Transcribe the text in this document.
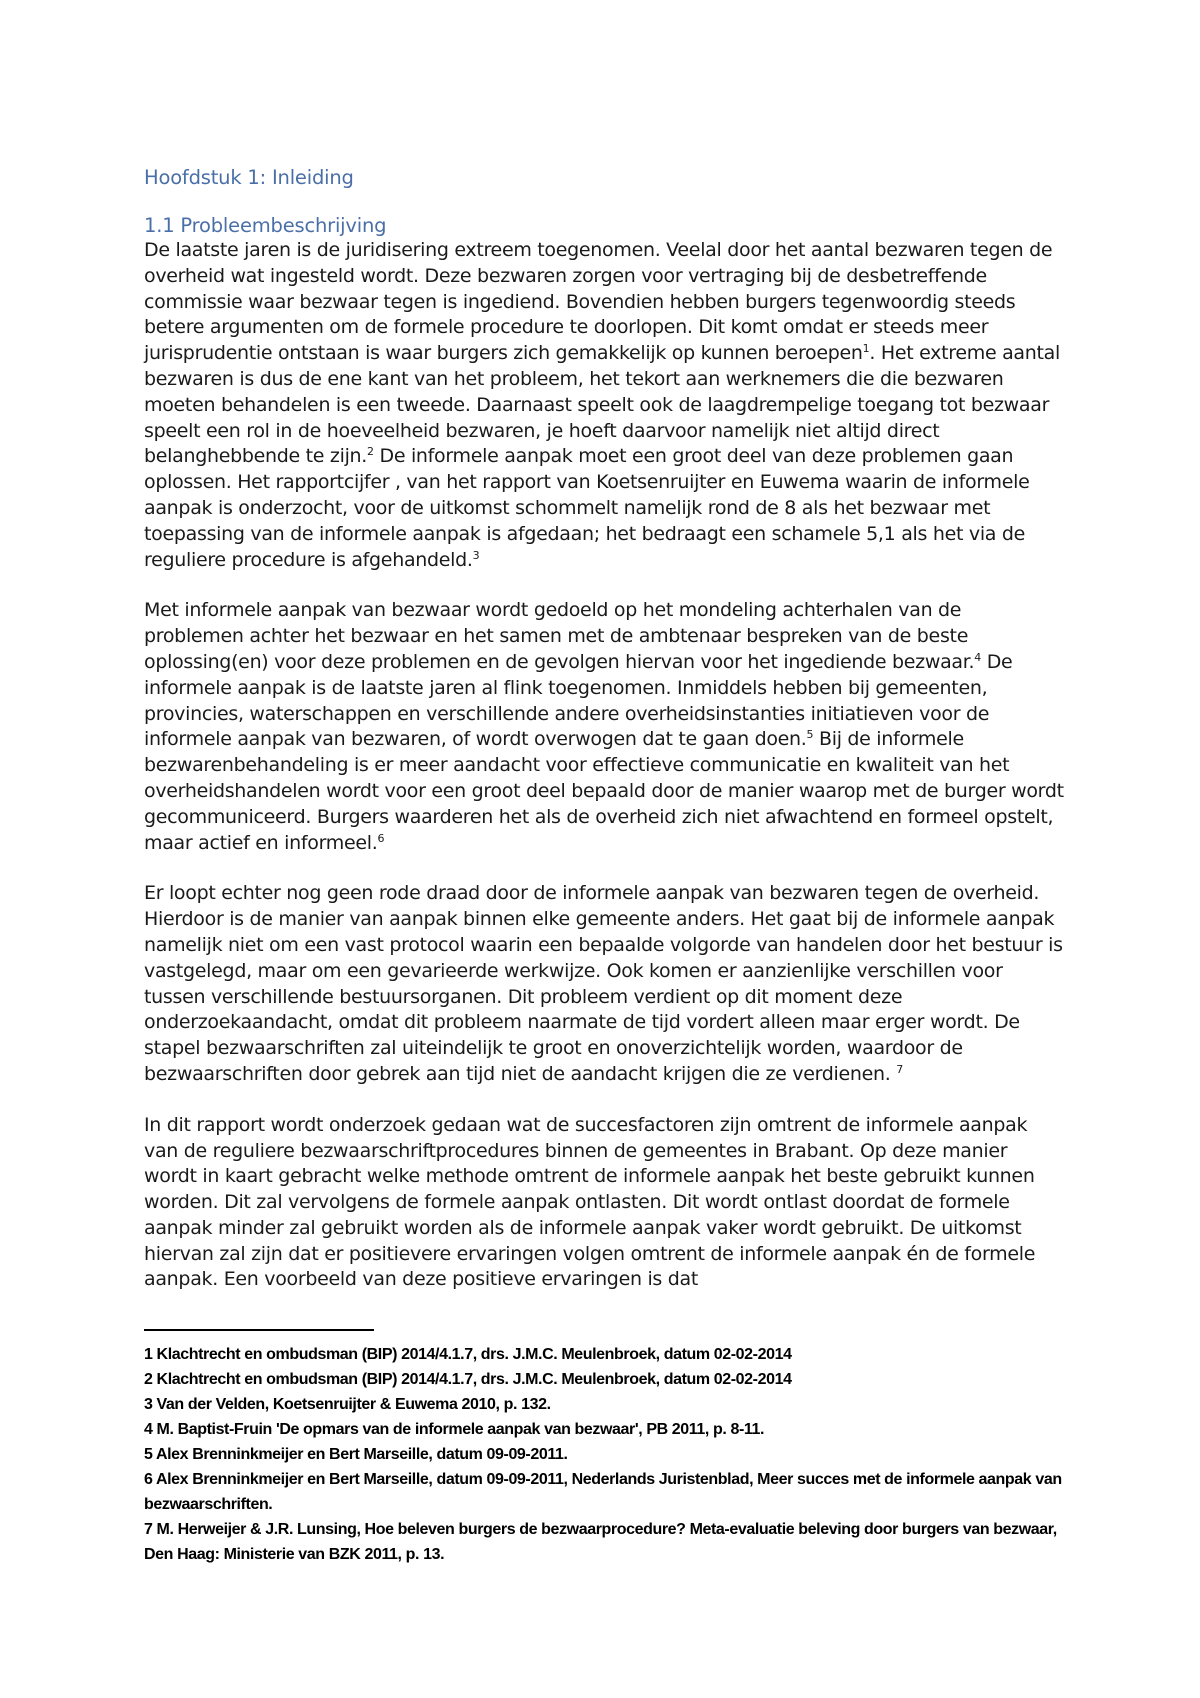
Hoofdstuk 1: Inleiding
1.1 Probleembeschrijving

De laatste jaren is de juridisering extreem toegenomen. Veelal door het aantal bezwaren tegen de overheid wat ingesteld wordt. Deze bezwaren zorgen voor vertraging bij de desbetreffende commissie waar bezwaar tegen is ingediend. Bovendien hebben burgers tegenwoordig steeds betere argumenten om de formele procedure te doorlopen. Dit komt omdat er steeds meer jurisprudentie ontstaan is waar burgers zich gemakkelijk op kunnen beroepen$^1$. Het extreme aantal bezwaren is dus de ene kant van het probleem, het tekort aan werknemers die die bezwaren moeten behandelen is een tweede. Daarnaast speelt ook de laagdrempelige toegang tot bezwaar speelt een rol in de hoeveelheid bezwaren, je hoeft daarvoor namelijk niet altijd direct belanghebbende te zijn.$^2$ De informele aanpak moet een groot deel van deze problemen gaan oplossen. Het rapportcijfer , van het rapport van Koetsenruijter en Euwema waarin de informele aanpak is onderzocht, voor de uitkomst schommelt namelijk rond de 8 als het bezwaar met toepassing van de informele aanpak is afgedaan; het bedraagt een schamele 5,1 als het via de reguliere procedure is afgehandeld.$^3$

Met informele aanpak van bezwaar wordt gedoeld op het mondeling achterhalen van de problemen achter het bezwaar en het samen met de ambtenaar bespreken van de beste oplossing(en) voor deze problemen en de gevolgen hiervan voor het ingediende bezwaar.$^4$ De informele aanpak is de laatste jaren al flink toegenomen. Inmiddels hebben bij gemeenten, provincies, waterschappen en verschillende andere overheidsinstanties initiatieven voor de informele aanpak van bezwaren, of wordt overwogen dat te gaan doen.$^5$ Bij de informele bezwarenbehandeling is er meer aandacht voor effectieve communicatie en kwaliteit van het overheidshandelen wordt voor een groot deel bepaald door de manier waarop met de burger wordt gecommuniceerd. Burgers waarderen het als de overheid zich niet afwachtend en formeel opstelt, maar actief en informeel.$^6$

Er loopt echter nog geen rode draad door de informele aanpak van bezwaren tegen de overheid. Hierdoor is de manier van aanpak binnen elke gemeente anders. Het gaat bij de informele aanpak namelijk niet om een vast protocol waarin een bepaalde volgorde van handelen door het bestuur is vastgelegd, maar om een gevarieerde werkwijze. Ook komen er aanzienlijke verschillen voor tussen verschillende bestuursorganen. Dit probleem verdient op dit moment deze onderzoekaandacht, omdat dit probleem naarmate de tijd vordert alleen maar erger wordt. De stapel bezwaarschriften zal uiteindelijk te groot en onoverzichtelijk worden, waardoor de bezwaarschriften door gebrek aan tijd niet de aandacht krijgen die ze verdienen. $^7$

In dit rapport wordt onderzoek gedaan wat de succesfactoren zijn omtrent de informele aanpak van de reguliere bezwaarschriftprocedures binnen de gemeentes in Brabant. Op deze manier wordt in kaart gebracht welke methode omtrent de informele aanpak het beste gebruikt kunnen worden. Dit zal vervolgens de formele aanpak ontlasten. Dit wordt ontlast doordat de formele aanpak minder zal gebruikt worden als de informele aanpak vaker wordt gebruikt. De uitkomst hiervan zal zijn dat er positievere ervaringen volgen omtrent de informele aanpak én de formele aanpak. Een voorbeeld van deze positieve ervaringen is dat

1 Klachtrecht en ombudsman (BIP) 2014/4.1.7, drs. J.M.C. Meulenbroek, datum 02-02-2014

2 Klachtrecht en ombudsman (BIP) 2014/4.1.7, drs. J.M.C. Meulenbroek, datum 02-02-2014

3 Van der Velden, Koetsenruijter & Euwema 2010, p. 132.

4 M. Baptist-Fruin 'De opmars van de informele aanpak van bezwaar', PB 2011, p. 8-11.

5 Alex Brenninkmeijer en Bert Marseille, datum 09-09-2011.

6 Alex Brenninkmeijer en Bert Marseille, datum 09-09-2011, Nederlands Juristenblad, Meer succes met de informele aanpak van bezwaarschriften.

7 M. Herweijer & J.R. Lunsing, Hoe beleven burgers de bezwaarprocedure? Meta-evaluatie beleving door burgers van bezwaar, Den Haag: Ministerie van BZK 2011, p. 13.
